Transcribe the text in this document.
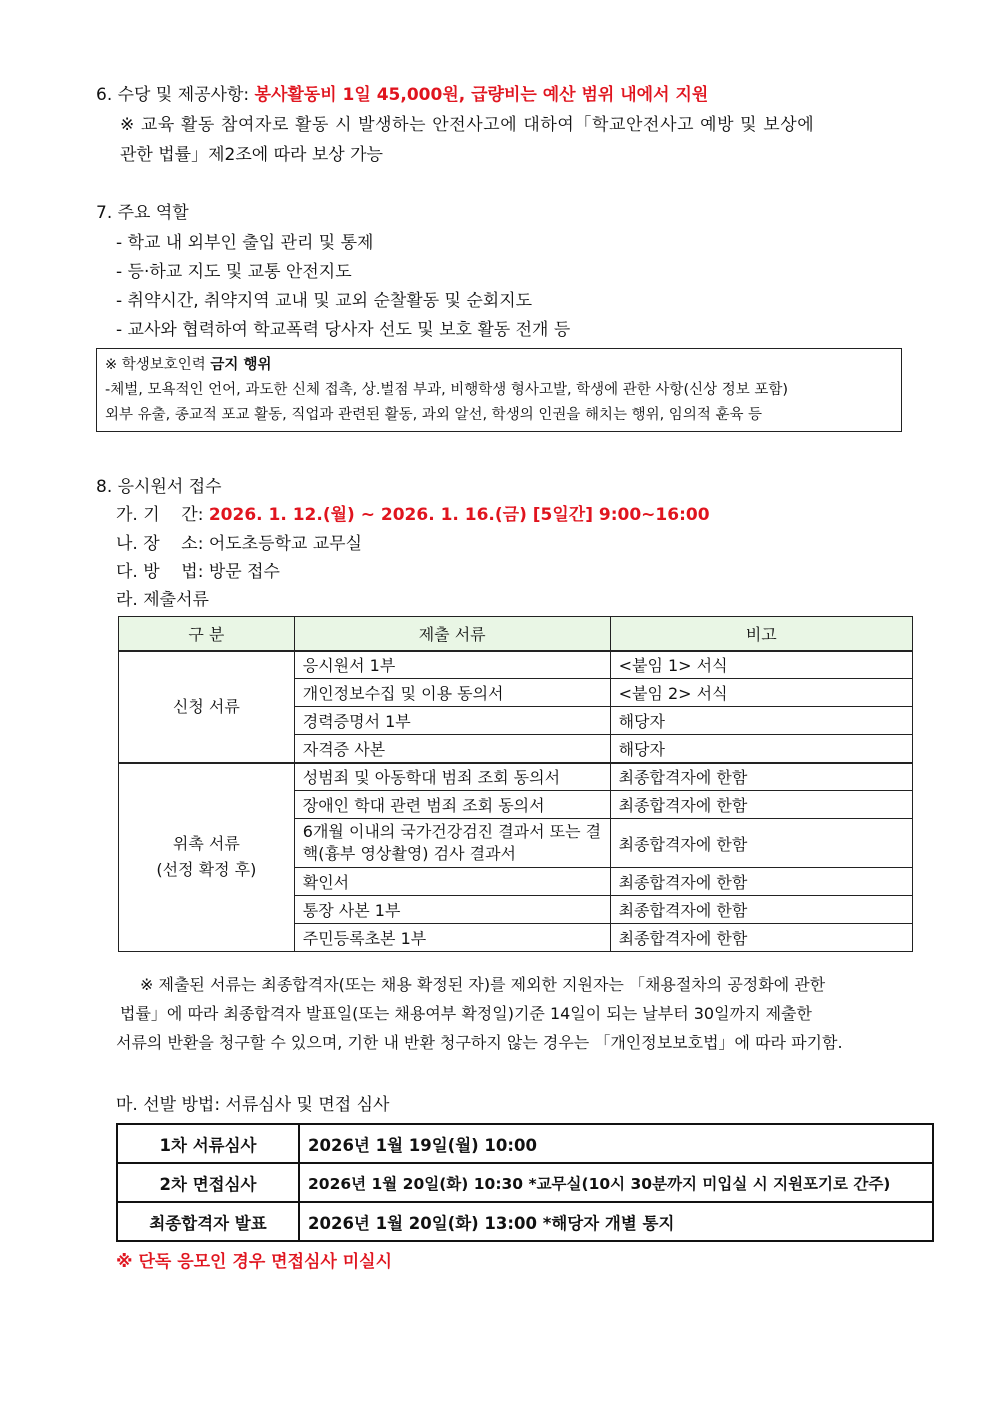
6. 수당 및 제공사항: 봉사활동비 1일 45,000원, 급량비는 예산 범위 내에서 지원
※ 교육 활동 참여자로 활동 시 발생하는 안전사고에 대하여「학교안전사고 예방 및 보상에
관한 법률」제2조에 따라 보상 가능
7. 주요 역할
- 학교 내 외부인 출입 관리 및 통제
- 등·하교 지도 및 교통 안전지도
- 취약시간, 취약지역 교내 및 교외 순찰활동 및 순회지도
- 교사와 협력하여 학교폭력 당사자 선도 및 보호 활동 전개 등
※ 학생보호인력 금지 행위
-체벌, 모욕적인 언어, 과도한 신체 접촉, 상.벌점 부과, 비행학생 형사고발, 학생에 관한 사항(신상 정보 포함)
외부 유출, 종교적 포교 활동, 직업과 관련된 활동, 과외 알선, 학생의 인권을 해치는 행위, 임의적 훈육 등
8. 응시원서 접수
가. 기    간: 2026. 1. 12.(월) ~ 2026. 1. 16.(금) [5일간] 9:00~16:00
나. 장    소: 어도초등학교 교무실
다. 방    법: 방문 접수
라. 제출서류
구 분	제출 서류	비고
신청 서류	응시원서 1부	<붙임 1> 서식
	개인정보수집 및 이용 동의서	<붙임 2> 서식
	경력증명서 1부	해당자
	자격증 사본	해당자

위촉 서류
(선정 확정 후)	성범죄 및 아동학대 범죄 조회 동의서	최종합격자에 한함
	장애인 학대 관련 범죄 조회 동의서	최종합격자에 한함
	6개월 이내의 국가건강검진 결과서 또는 결핵(흉부 영상촬영) 검사 결과서	최종합격자에 한함
	확인서	최종합격자에 한함
	통장 사본 1부	최종합격자에 한함
	주민등록초본 1부	최종합격자에 한함
※ 제출된 서류는 최종합격자(또는 채용 확정된 자)를 제외한 지원자는 「채용절차의 공정화에 관한
법률」에 따라 최종합격자 발표일(또는 채용여부 확정일)기준 14일이 되는 날부터 30일까지 제출한
서류의 반환을 청구할 수 있으며, 기한 내 반환 청구하지 않는 경우는 「개인정보보호법」에 따라 파기함.
마. 선발 방법: 서류심사 및 면접 심사
1차 서류심사	2026년 1월 19일(월) 10:00
2차 면접심사	2026년 1월 20일(화) 10:30 *교무실(10시 30분까지 미입실 시 지원포기로 간주)
최종합격자 발표	2026년 1월 20일(화) 13:00 *해당자 개별 통지
※ 단독 응모인 경우 면접심사 미실시
